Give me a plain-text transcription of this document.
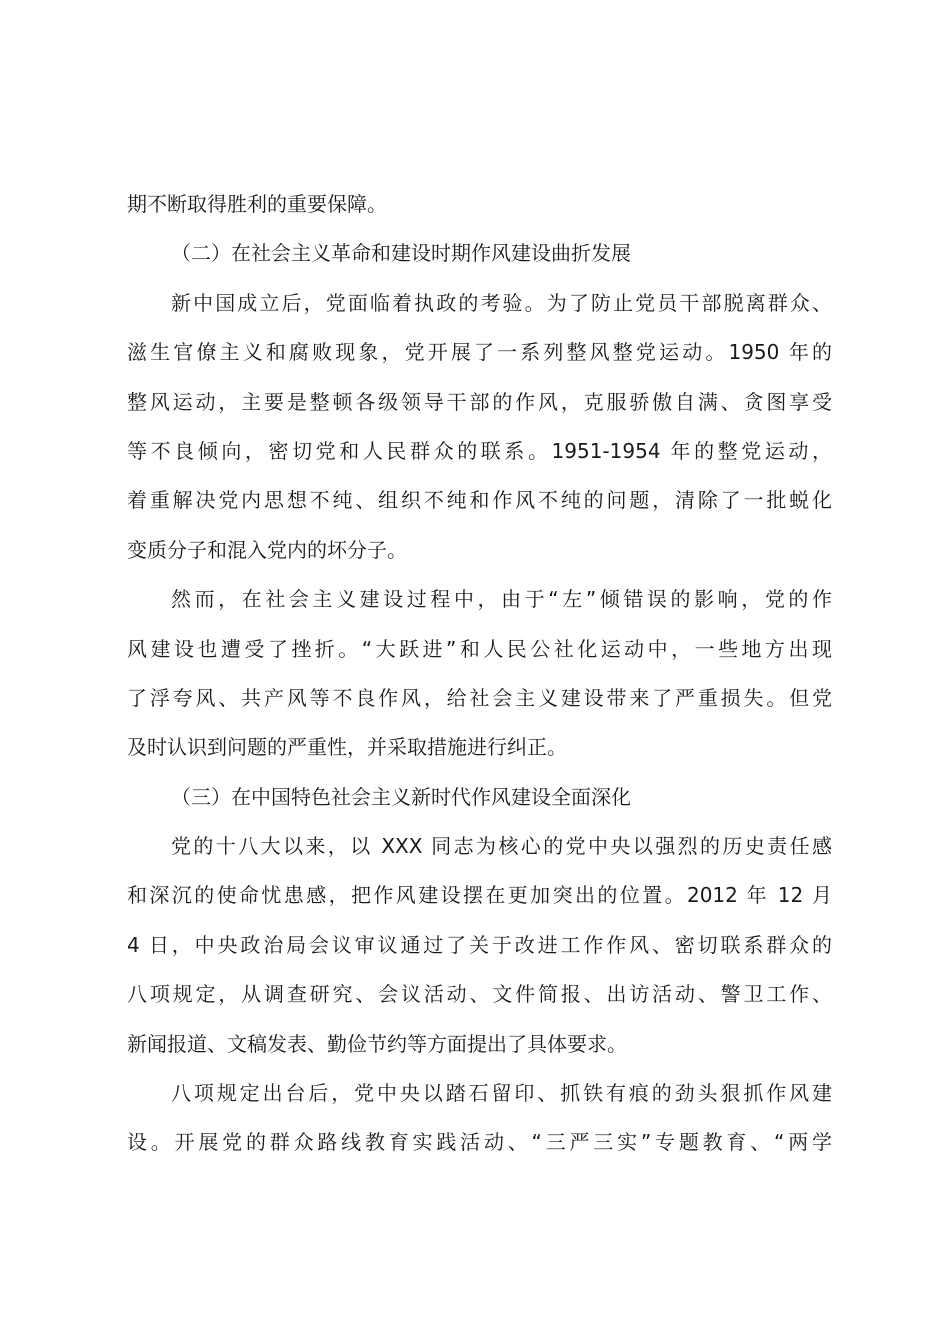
期不断取得胜利的重要保障。
（二）在社会主义革命和建设时期作风建设曲折发展
新中国成立后，党面临着执政的考验。为了防止党员干部脱离群众、
滋生官僚主义和腐败现象，党开展了一系列整风整党运动。1950 年的
整风运动，主要是整顿各级领导干部的作风，克服骄傲自满、贪图享受
等不良倾向，密切党和人民群众的联系。1951-1954 年的整党运动，
着重解决党内思想不纯、组织不纯和作风不纯的问题，清除了一批蜕化
变质分子和混入党内的坏分子。
然而，在社会主义建设过程中，由于“左”倾错误的影响，党的作
风建设也遭受了挫折。“大跃进”和人民公社化运动中，一些地方出现
了浮夸风、共产风等不良作风，给社会主义建设带来了严重损失。但党
及时认识到问题的严重性，并采取措施进行纠正。
（三）在中国特色社会主义新时代作风建设全面深化
党的十八大以来，以 XXX 同志为核心的党中央以强烈的历史责任感
和深沉的使命忧患感，把作风建设摆在更加突出的位置。2012 年 12 月
4 日，中央政治局会议审议通过了关于改进工作作风、密切联系群众的
八项规定，从调查研究、会议活动、文件简报、出访活动、警卫工作、
新闻报道、文稿发表、勤俭节约等方面提出了具体要求。
八项规定出台后，党中央以踏石留印、抓铁有痕的劲头狠抓作风建
设。开展党的群众路线教育实践活动、“三严三实”专题教育、“两学
